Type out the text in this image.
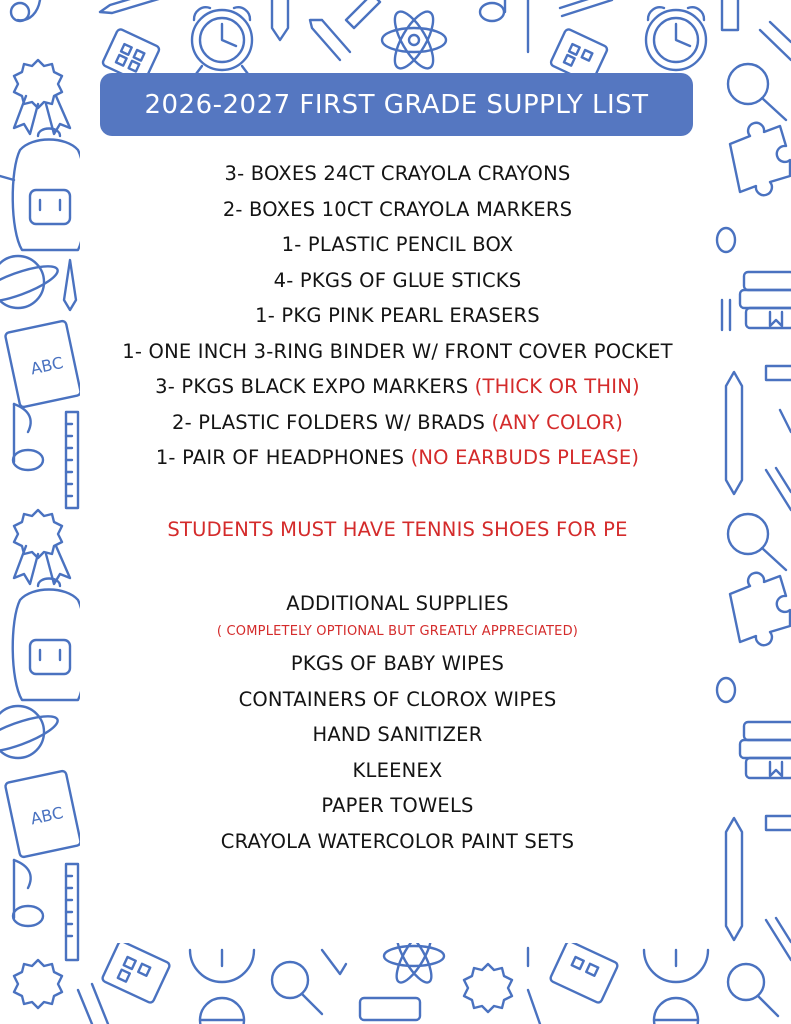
ABC
ABC
2026-2027 FIRST GRADE SUPPLY LIST
3- BOXES 24CT CRAYOLA CRAYONS
2- BOXES 10CT CRAYOLA MARKERS
1- PLASTIC PENCIL BOX
4- PKGS OF GLUE STICKS
1- PKG PINK PEARL ERASERS
1- ONE INCH 3-RING BINDER W/ FRONT COVER POCKET
3- PKGS BLACK EXPO MARKERS (THICK OR THIN)
2- PLASTIC FOLDERS W/ BRADS (ANY COLOR)
1- PAIR OF HEADPHONES (NO EARBUDS PLEASE)
STUDENTS MUST HAVE TENNIS SHOES FOR PE
ADDITIONAL SUPPLIES
( COMPLETELY OPTIONAL BUT GREATLY APPRECIATED)
PKGS OF BABY WIPES
CONTAINERS OF CLOROX WIPES
HAND SANITIZER
KLEENEX
PAPER TOWELS
CRAYOLA WATERCOLOR PAINT SETS
